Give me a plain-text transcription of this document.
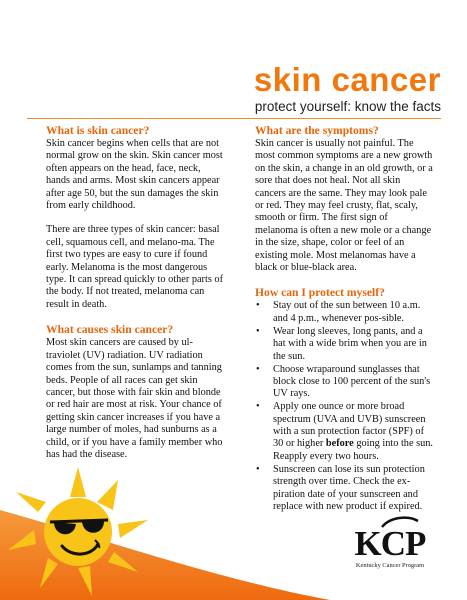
skin cancer
protect yourself: know the facts
What is skin cancer?

Skin cancer begins when cells that are not normal grow on the skin. Skin cancer most often appears on the head, face, neck, hands and arms. Most skin cancers appear after age 50, but the sun damages the skin from early childhood.

There are three types of skin cancer: basal cell, squamous cell, and melano-ma. The first two types are easy to cure if found early. Melanoma is the most dangerous type. It can spread quickly to other parts of the body. If not treated, melanoma can result in death.

What causes skin cancer?

Most skin cancers are caused by ul-traviolet (UV) radiation. UV radiation comes from the sun, sunlamps and tanning beds. People of all races can get skin cancer, but those with fair skin and blonde or red hair are most at risk. Your chance of getting skin cancer increases if you have a large number of moles, had sunburns as a child, or if you have a family member who has had the disease.

What are the symptoms?

Skin cancer is usually not painful. The most common symptoms are a new growth on the skin, a change in an old growth, or a sore that does not heal. Not all skin cancers are the same. They may look pale or red. They may feel crusty, flat, scaly, smooth or firm. The first sign of melanoma is often a new mole or a change in the size, shape, color or feel of an existing mole. Most melanomas have a black or blue-black area.

How can I protect myself?
• Stay out of the sun between 10 a.m. and 4 p.m., whenever pos-sible.
• Wear long sleeves, long pants, and a hat with a wide brim when you are in the sun.
• Choose wraparound sunglasses that block close to 100 percent of the sun's UV rays.
• Apply one ounce or more broad spectrum (UVA and UVB) sunscreen with a sun protection factor (SPF) of 30 or higher before going into the sun. Reapply every two hours.
• Sunscreen can lose its sun protection strength over time. Check the ex-piration date of your sunscreen and replace with new product if expired.
KCP
Kentucky Cancer Program
